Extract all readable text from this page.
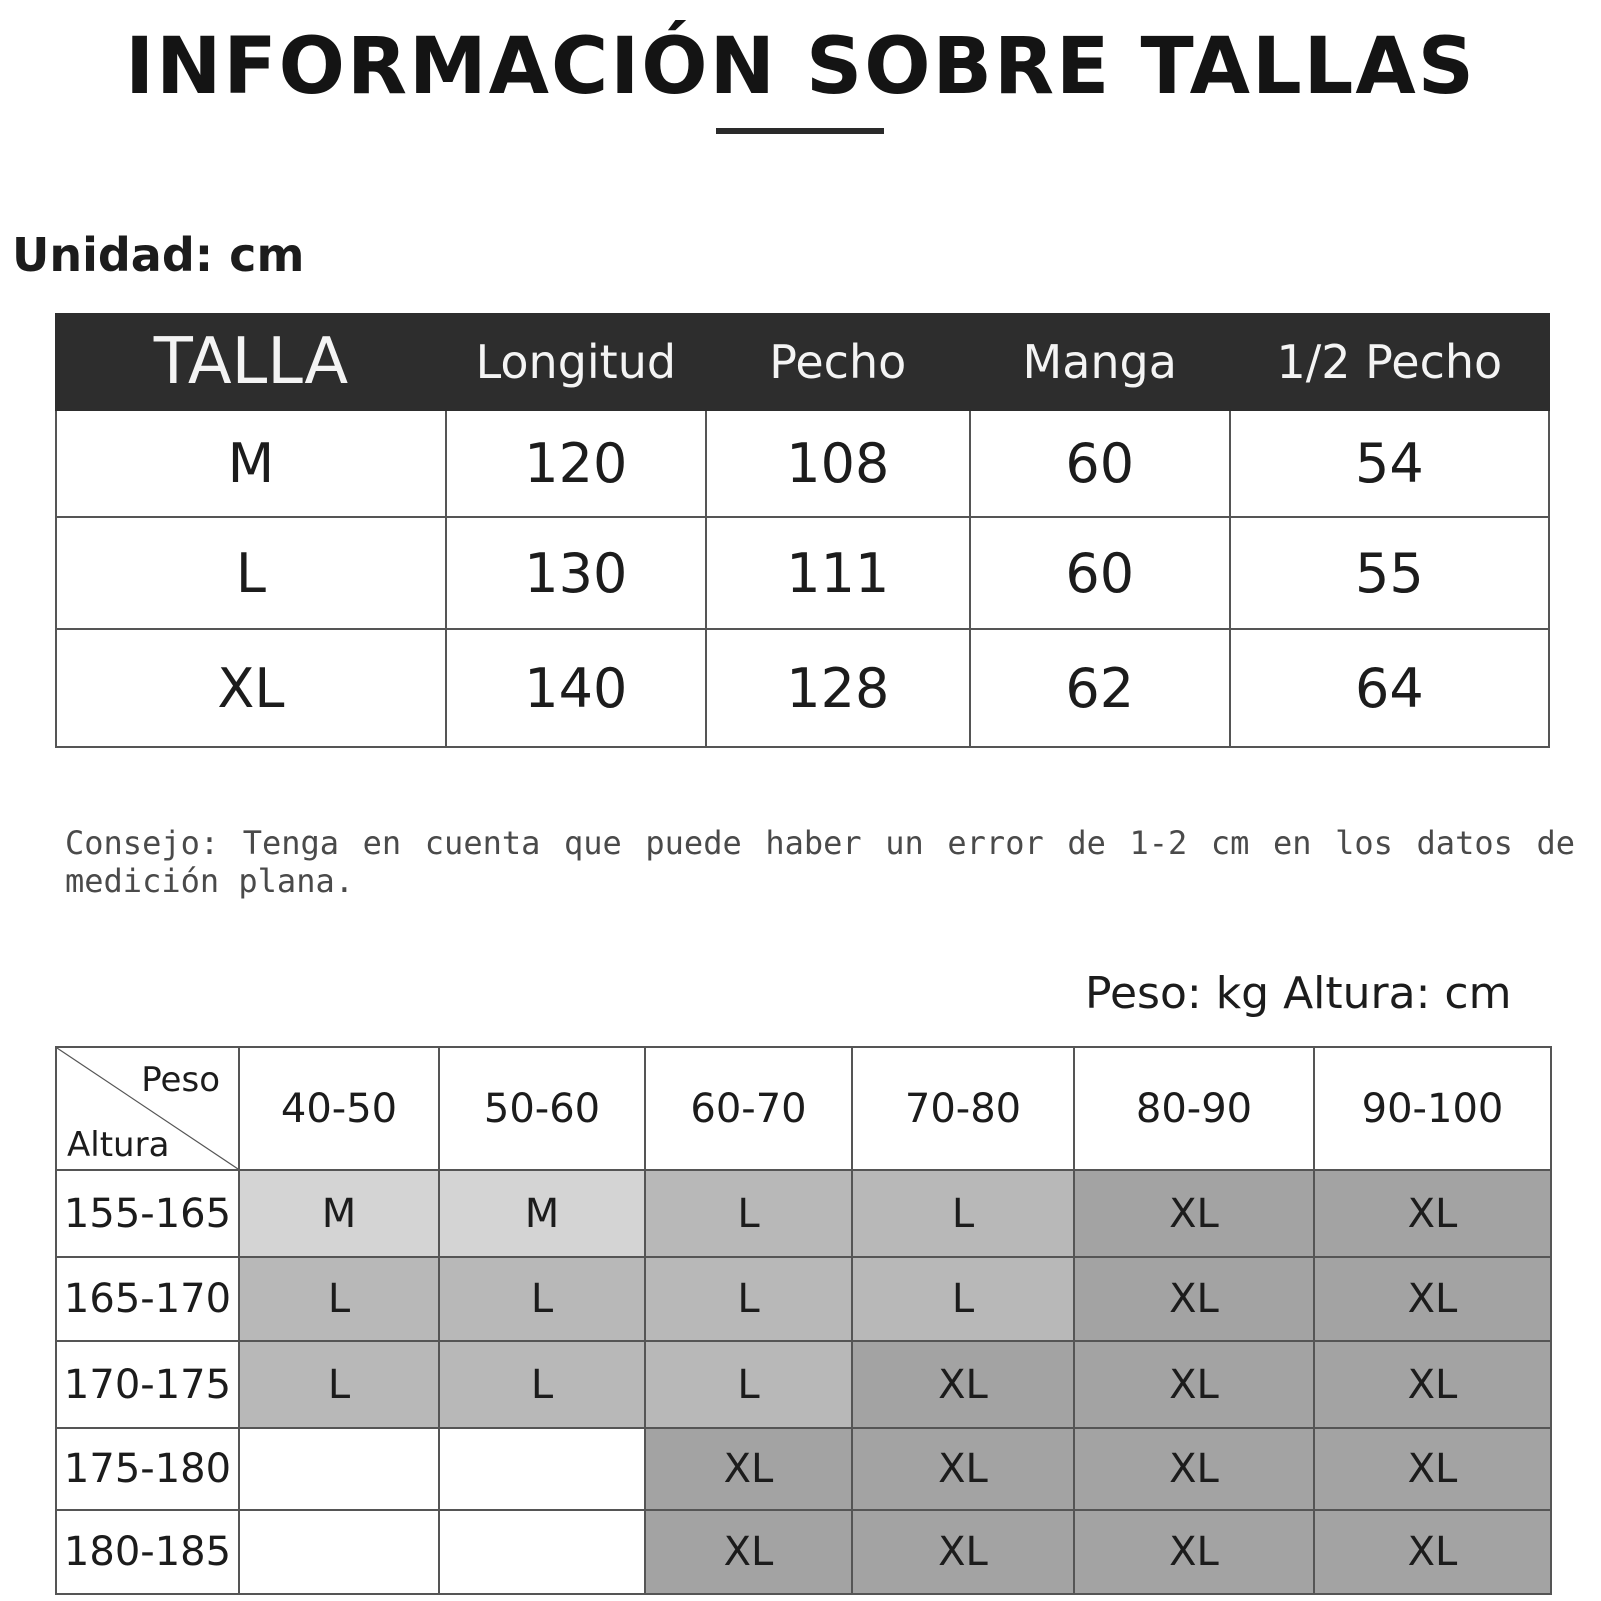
INFORMACIÓN SOBRE TALLAS
Unidad: cm
TALLA	Longitud	Pecho	Manga	1/2 Pecho
M	120	108	60	54
L	130	111	60	55
XL	140	128	62	64
Consejo: Tenga en cuenta que puede haber un error de 1-2 cm en los datos de medición plana.
Peso: kg Altura: cm
Peso
Altura	40-50	50-60	60-70	70-80	80-90	90-100
155-165	M	M	L	L	XL	XL
165-170	L	L	L	L	XL	XL
170-175	L	L	L	XL	XL	XL
175-180			XL	XL	XL	XL
180-185			XL	XL	XL	XL
